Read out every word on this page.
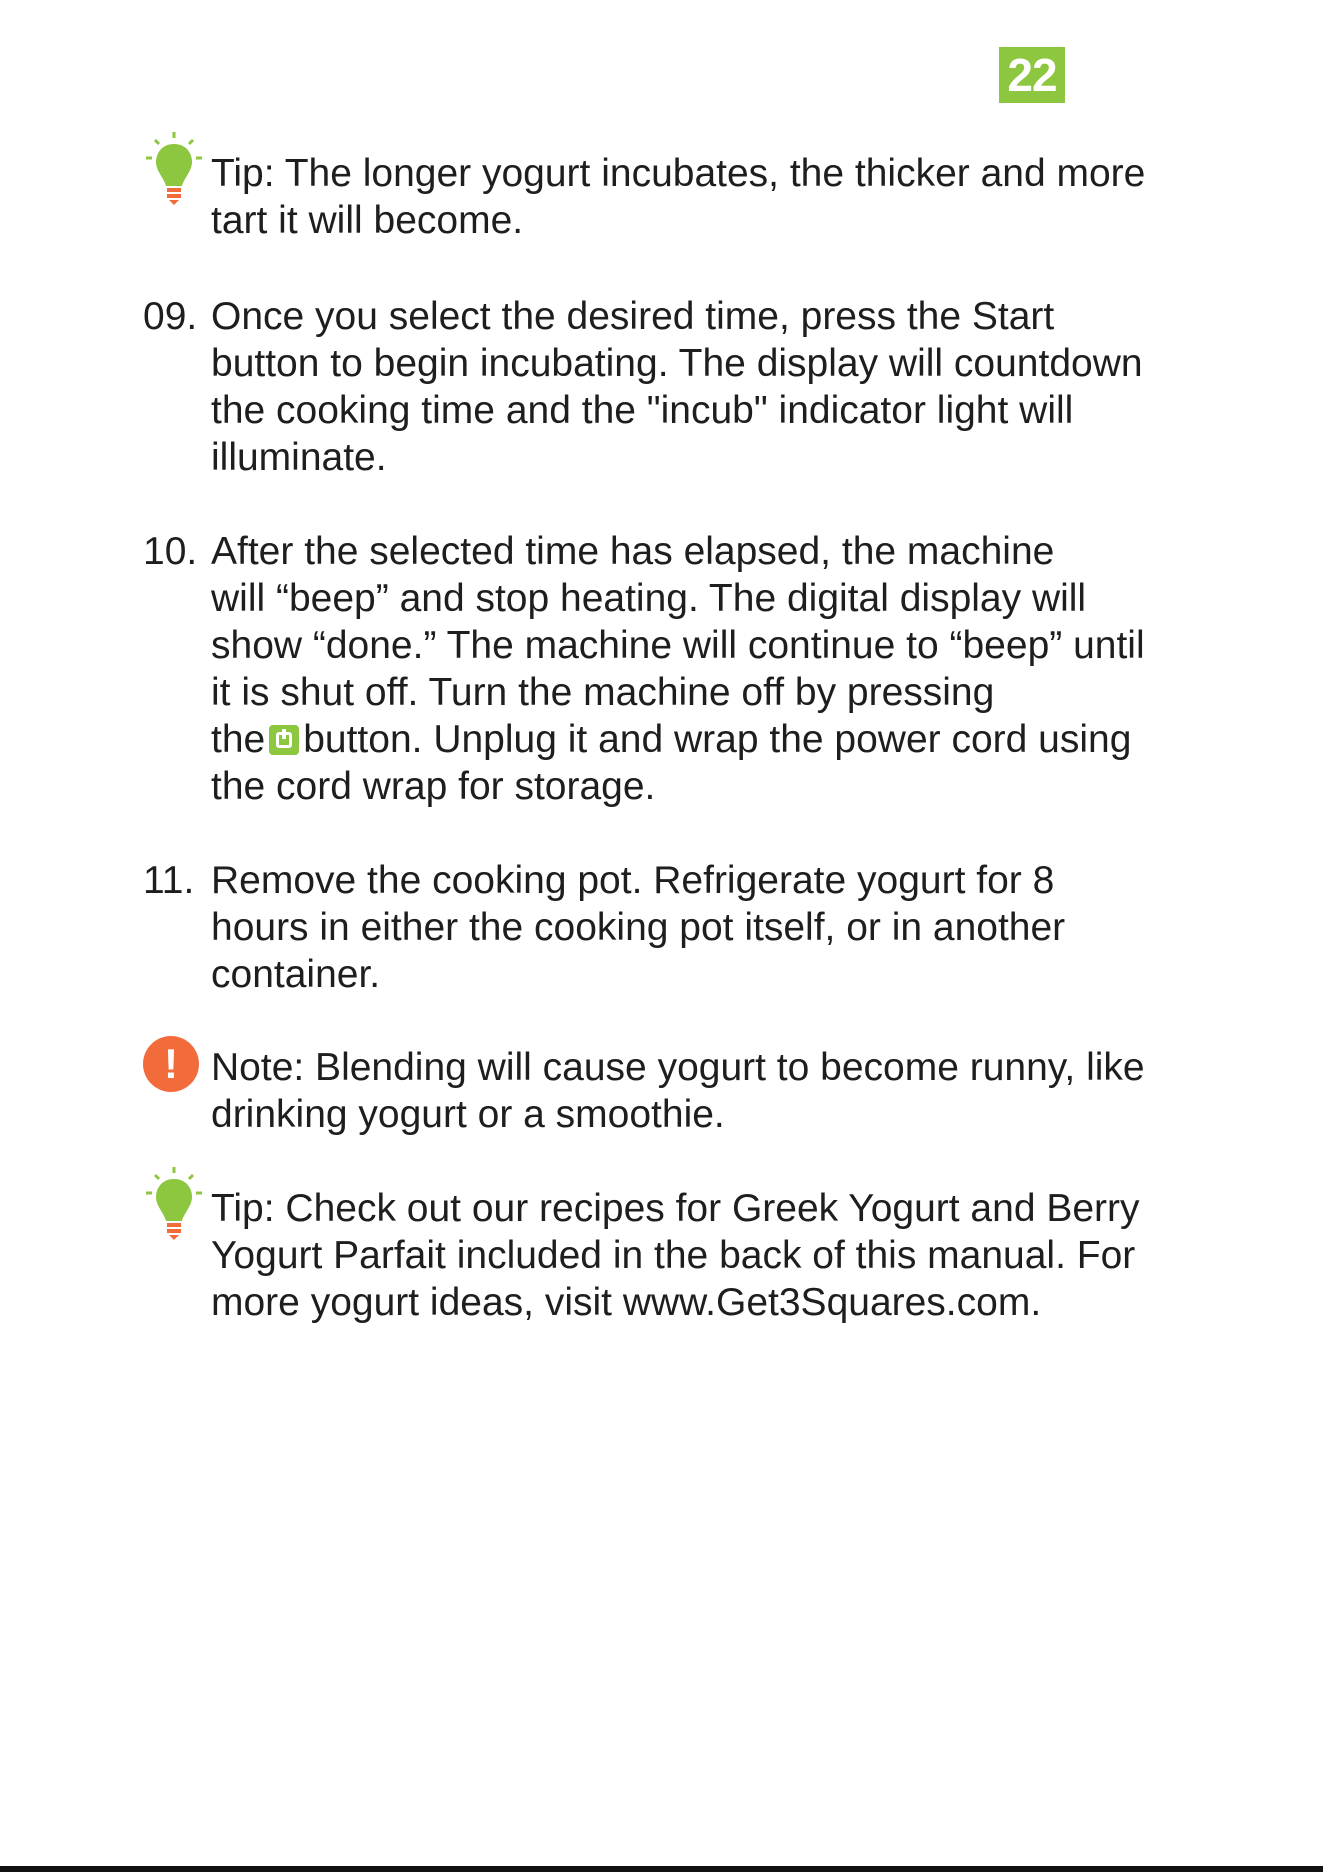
22

Tip: The longer yogurt incubates, the thicker and more
tart it will become.

09. Once you select the desired time, press the Start
button to begin incubating. The display will countdown
the cooking time and the "incub" indicator light will
illuminate.

10. After the selected time has elapsed, the machine
will “beep” and stop heating. The digital display will
show “done.” The machine will continue to “beep” until
it is shut off. Turn the machine off by pressing
the button. Unplug it and wrap the power cord using
the cord wrap for storage.

11. Remove the cooking pot. Refrigerate yogurt for 8
hours in either the cooking pot itself, or in another
container.

! Note: Blending will cause yogurt to become runny, like
drinking yogurt or a smoothie.

Tip: Check out our recipes for Greek Yogurt and Berry
Yogurt Parfait included in the back of this manual. For
more yogurt ideas, visit www.Get3Squares.com.
